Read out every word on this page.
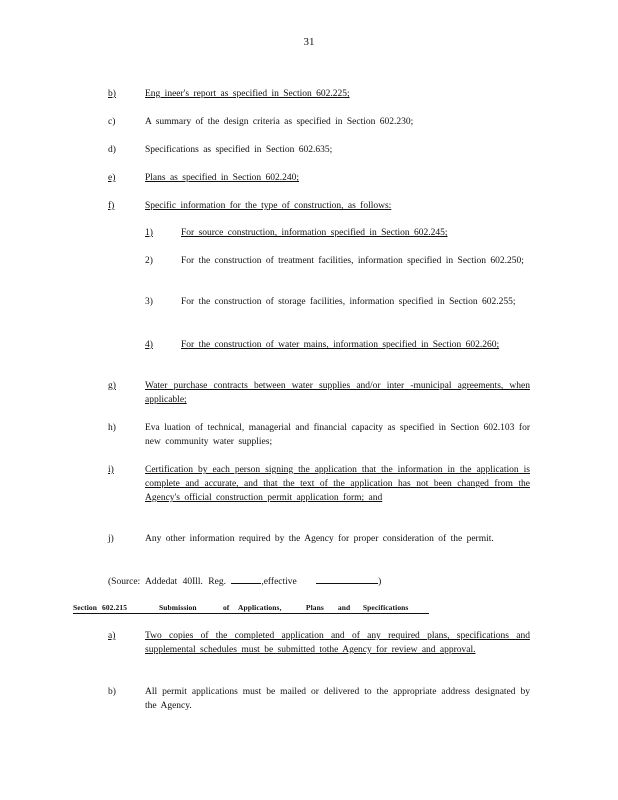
31
b)	Eng ineer's report as specified in Section 602.225;
c)	A summary of the design criteria as specified in Section 602.230;
d)	Specifications as specified in Section 602.635;
e)	Plans as specified in Section 602.240;
f)	Specific information for the type of construction, as follows:
1)	For source construction, information specified in Section 602.245;
2)	For the construction of treatment facilities, information specified in Section 602.250;
3)	For the construction of storage facilities, information specified in Section 602.255;
4)	For the construction of water mains, information specified in Section 602.260;
g)	Water purchase contracts between water supplies and/or inter -municipal agreements, when applicable;
h)	Eva luation of technical, managerial and financial capacity as specified in Section 602.103 for new community water supplies;
i)	Certification by each person signing the application that the information in the application is complete and accurate, and that the text of the application has not been changed from the Agency's official construction permit application form; and
j)	Any other information required by the Agency for proper consideration of the permit.
(Source: Addedat 40Ill. Reg.	,effective	)
Section 602.215	Submission	of Applications,	Plans and Specifications
a)	Two copies of the completed application and of any required plans, specifications and supplemental schedules must be submitted tothe Agency for review and approval.
b)	All permit applications must be mailed or delivered to the appropriate address designated by the Agency.
